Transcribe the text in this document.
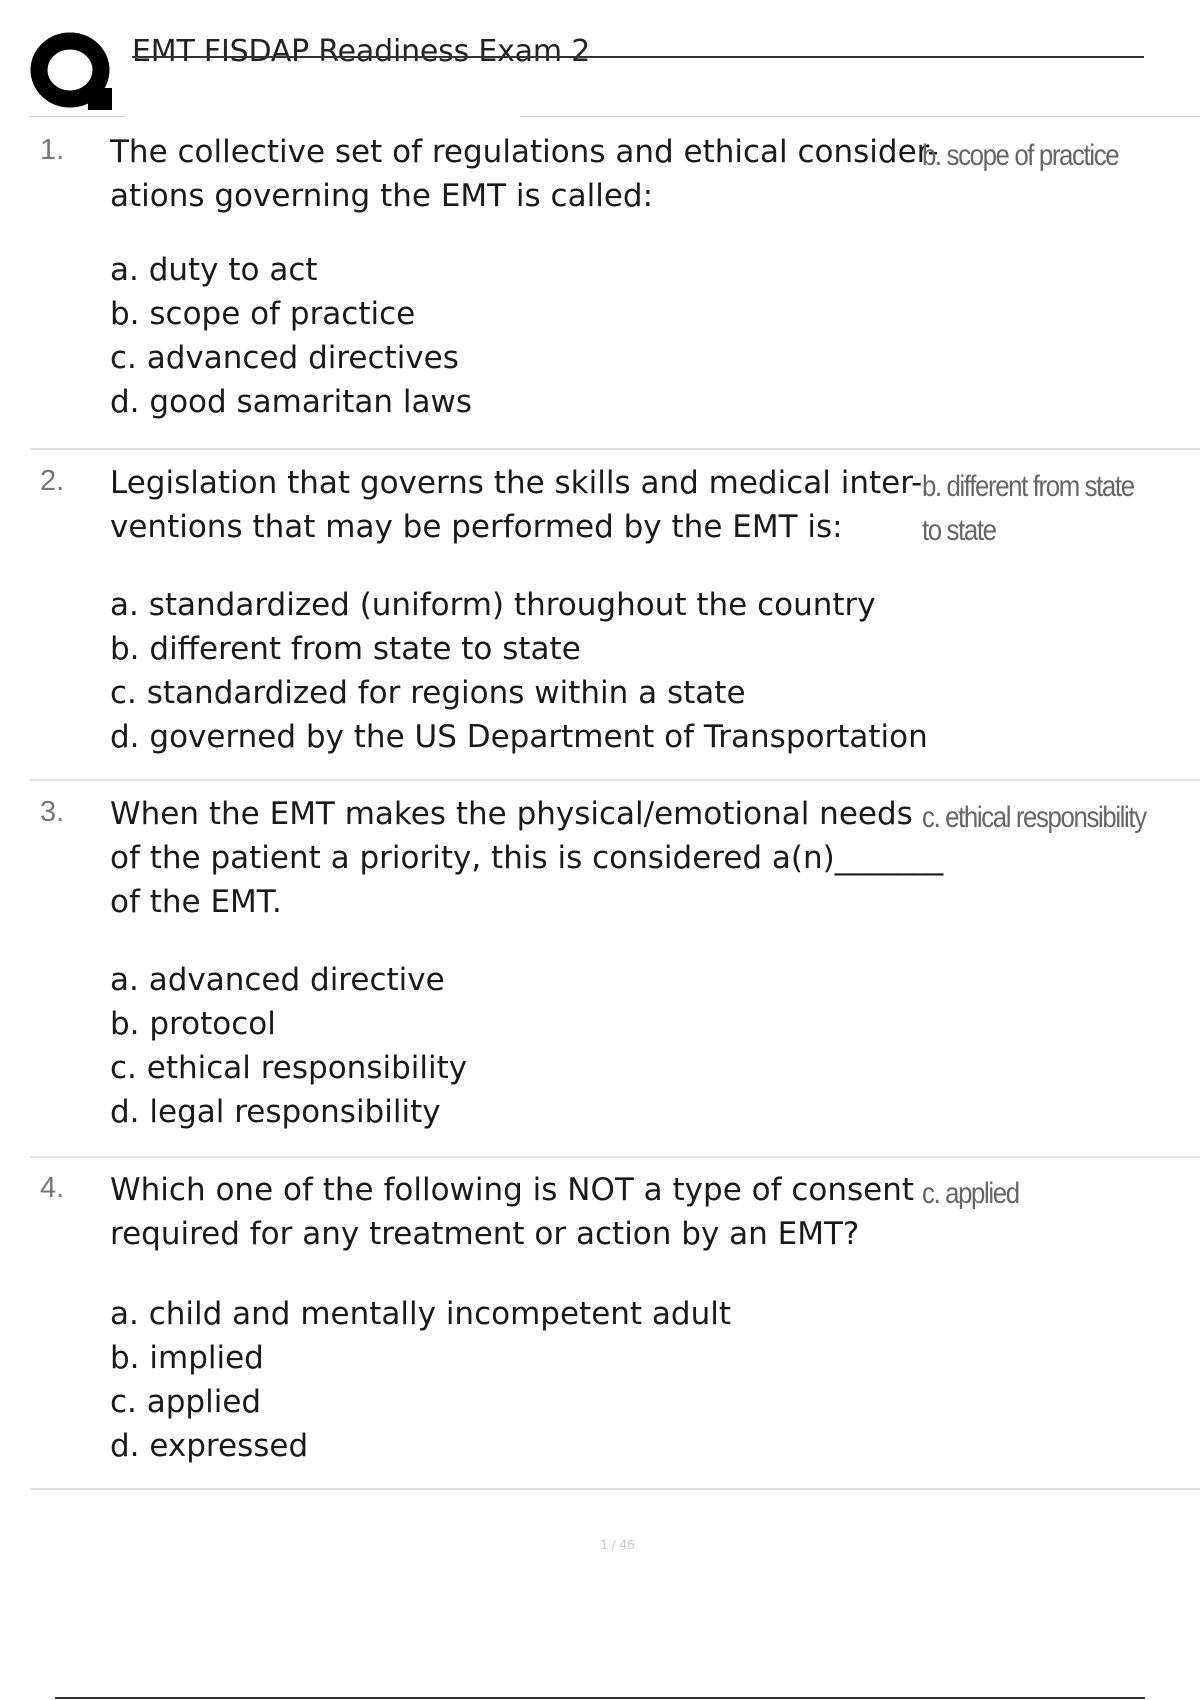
EMT FISDAP Readiness Exam 2
1. The collective set of regulations and ethical consider- ations governing the EMT is called:
b. scope of practice
a. duty to act
b. scope of practice
c. advanced directives
d. good samaritan laws
2. Legislation that governs the skills and medical inter- ventions that may be performed by the EMT is:
b. different from state to state
a. standardized (uniform) throughout the country
b. different from state to state
c. standardized for regions within a state
d. governed by the US Department of Transportation
3. When the EMT makes the physical/emotional needs of the patient a priority, this is considered a(n)_______ of the EMT.
c. ethical responsibility
a. advanced directive
b. protocol
c. ethical responsibility
d. legal responsibility
4. Which one of the following is NOT a type of consent required for any treatment or action by an EMT?
c. applied
a. child and mentally incompetent adult
b. implied
c. applied
d. expressed
1 / 46
